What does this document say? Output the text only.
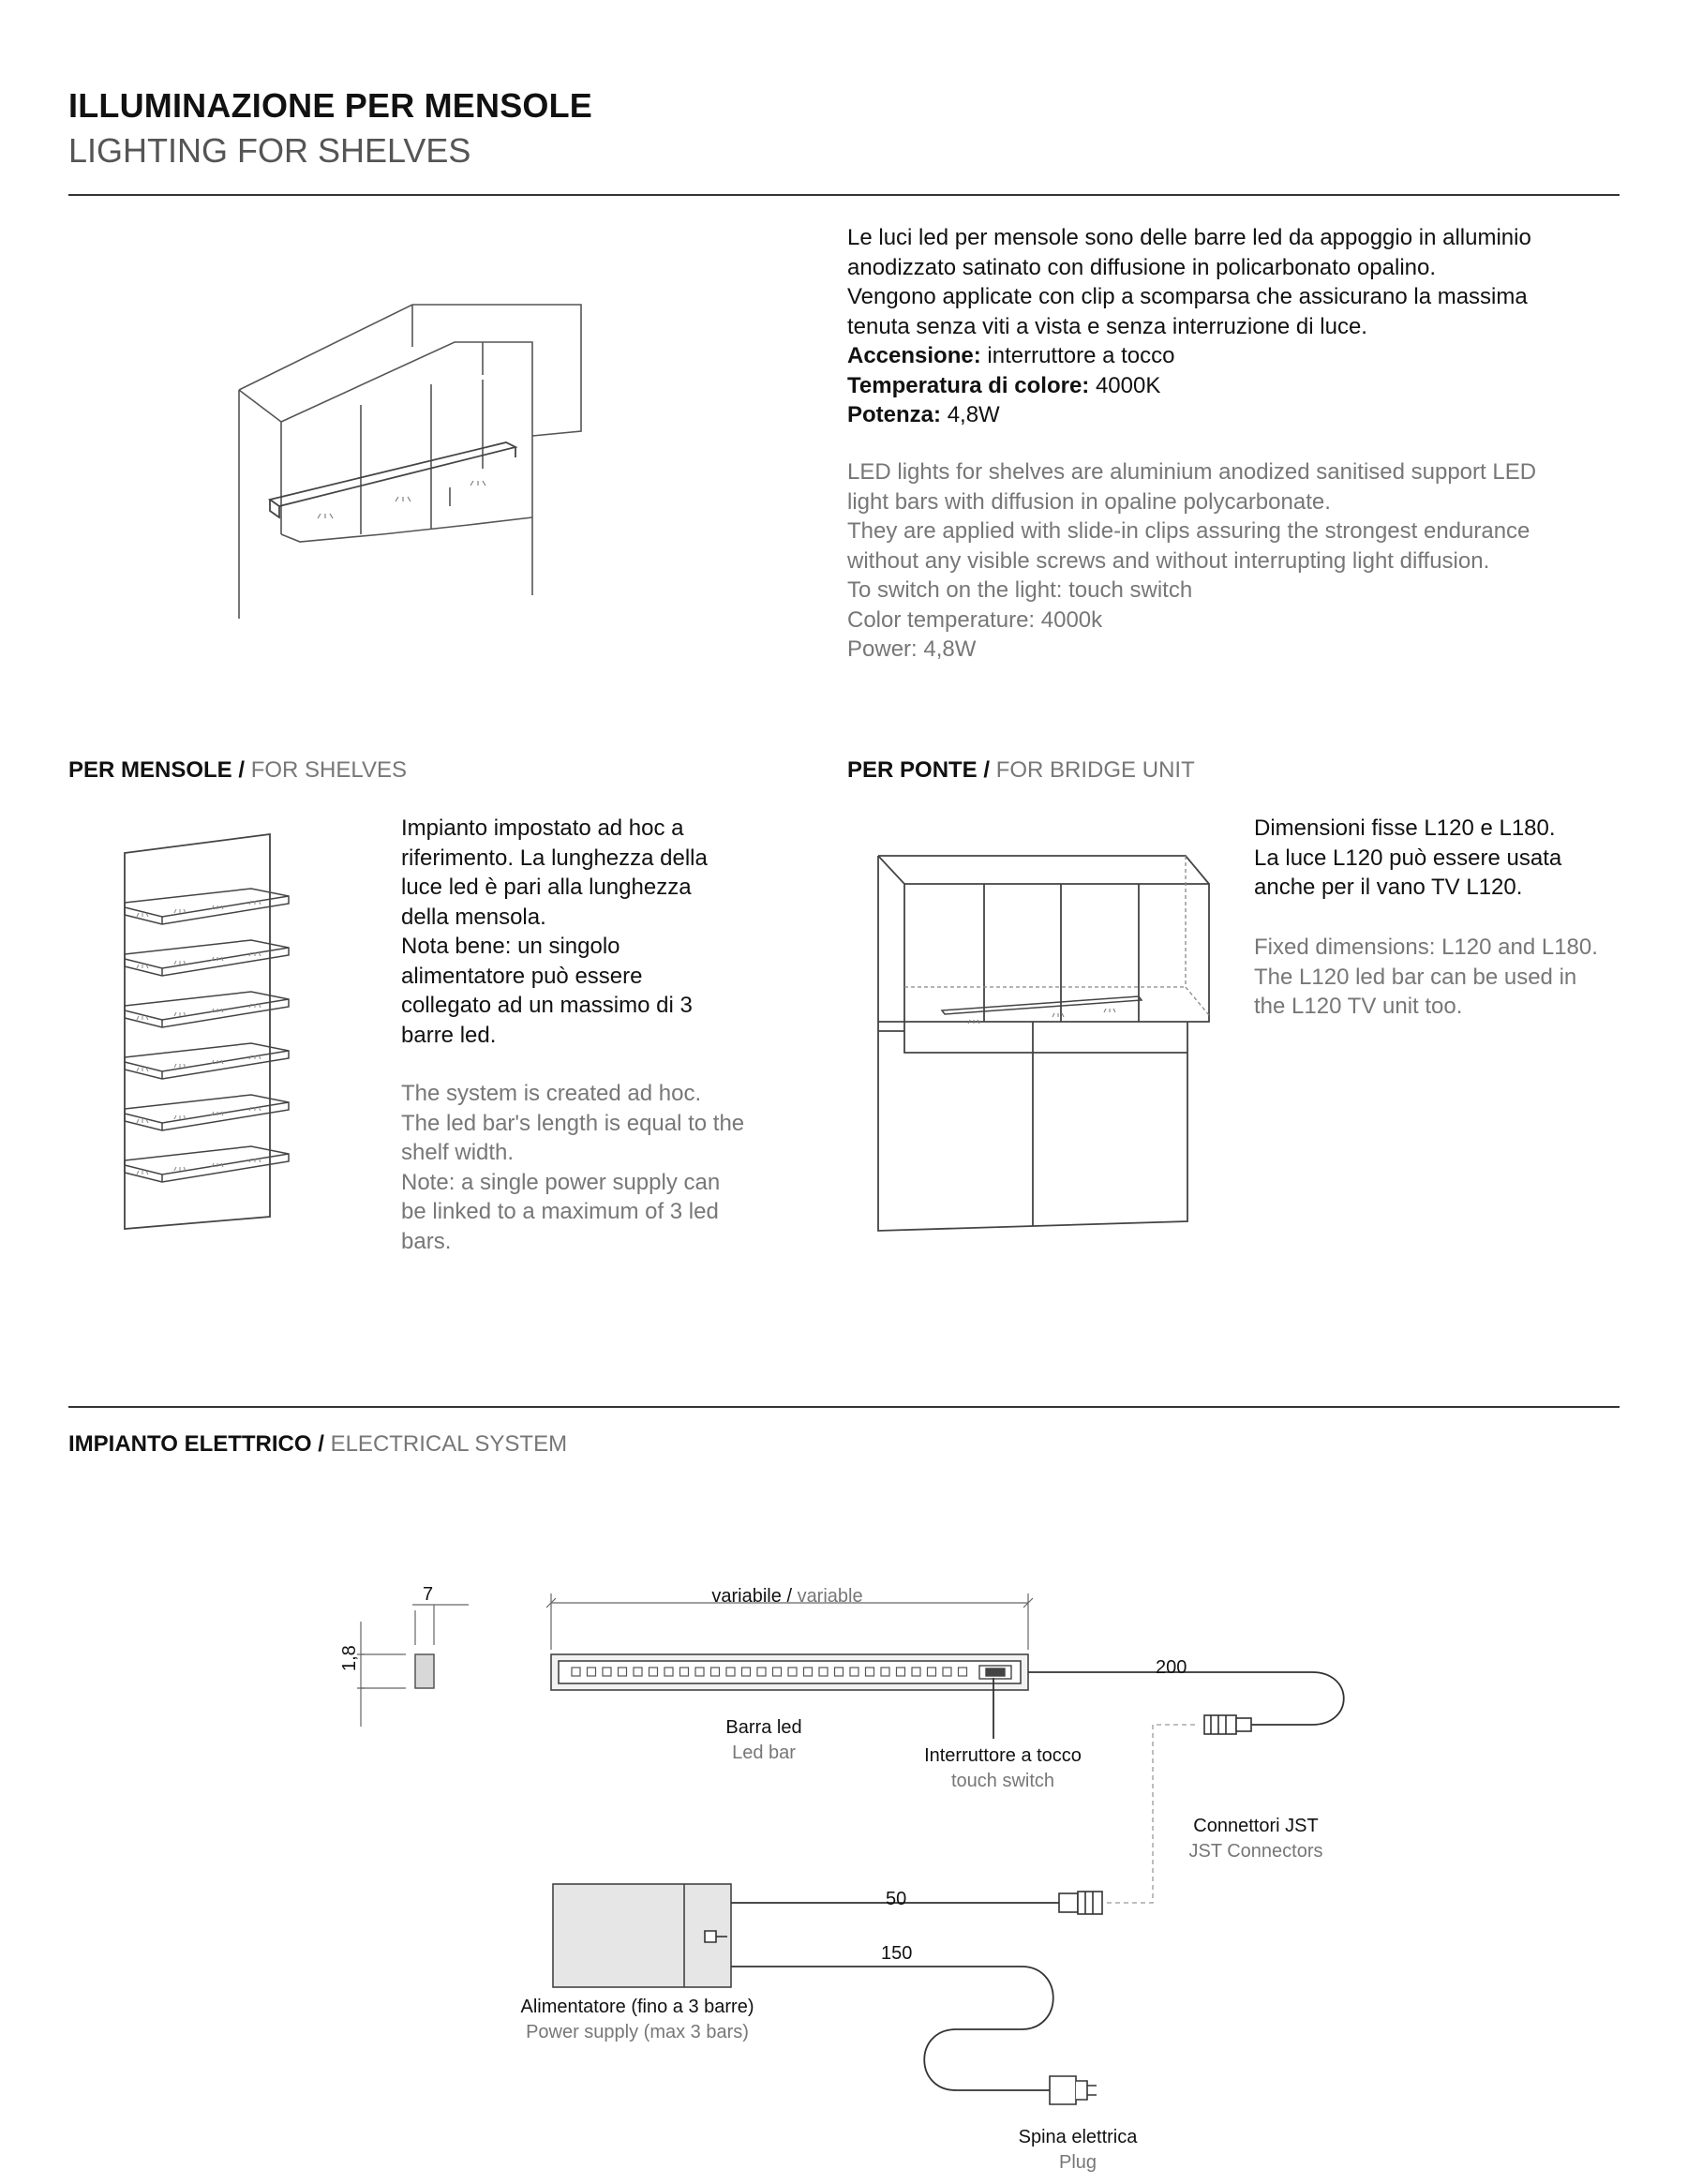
ILLUMINAZIONE PER MENSOLE
LIGHTING FOR SHELVES
Le luci led per mensole sono delle barre led da appoggio in alluminio
anodizzato satinato con diffusione in policarbonato opalino.
Vengono applicate con clip a scomparsa che assicurano la massima
tenuta senza viti a vista e senza interruzione di luce.
Accensione: interruttore a tocco
Temperatura di colore: 4000K
Potenza: 4,8W
LED lights for shelves are aluminium anodized sanitised support LED
light bars with diffusion in opaline polycarbonate.
They are applied with slide-in clips assuring the strongest endurance
without any visible screws and without interrupting light diffusion.
To switch on the light: touch switch
Color temperature: 4000k
Power: 4,8W
PER MENSOLE / FOR SHELVES
Impianto impostato ad hoc a
riferimento. La lunghezza della
luce led è pari alla lunghezza
della mensola.
Nota bene: un singolo
alimentatore può essere
collegato ad un massimo di 3
barre led.
The system is created ad hoc.
The led bar's length is equal to the
shelf width.
Note: a single power supply can
be linked to a maximum of 3 led
bars.
PER PONTE / FOR BRIDGE UNIT
Dimensioni fisse L120 e L180.
La luce L120 può essere usata
anche per il vano TV L120.
Fixed dimensions: L120 and L180.
The L120 led bar can be used in
the L120 TV unit too.
IMPIANTO ELETTRICO / ELECTRICAL SYSTEM
7
1,8
variabile / variable
200
50
150
Barra led
Led bar	Interruttore a tocco
touch switch
Connettori JST
JST Connectors
Alimentatore (fino a 3 barre)
Power supply (max 3 bars)
Spina elettrica
Plug
